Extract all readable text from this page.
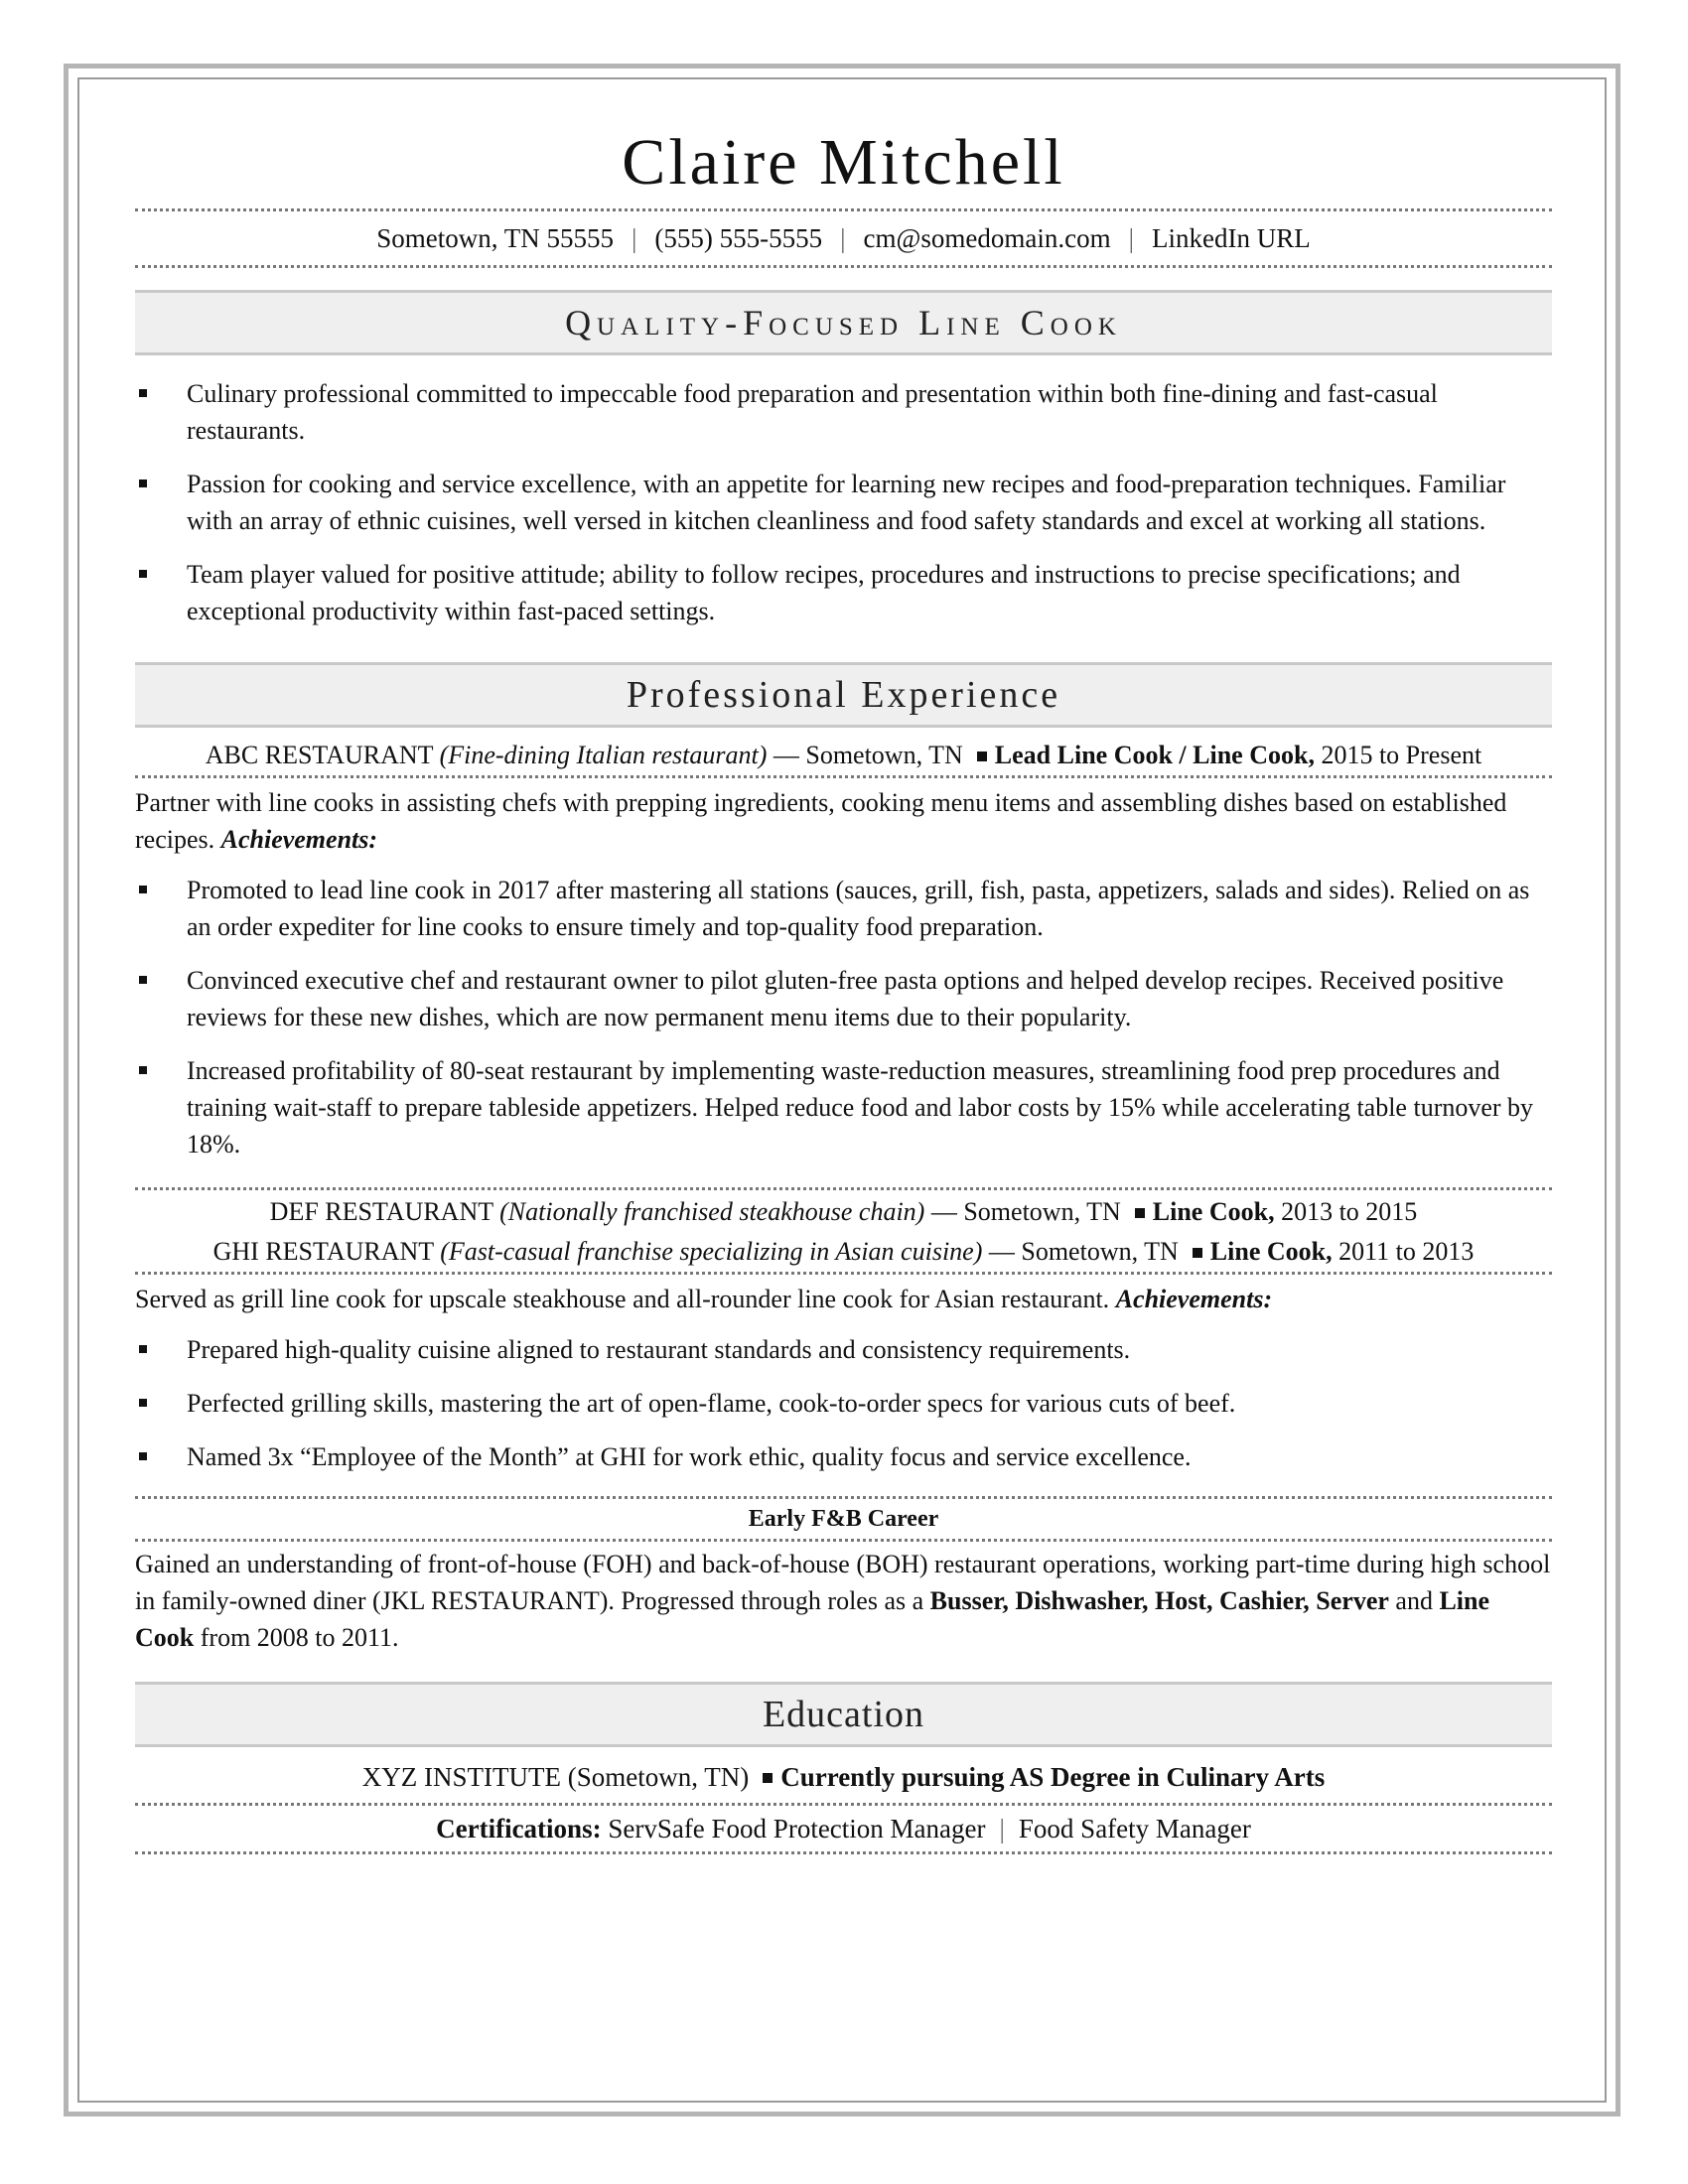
Claire Mitchell
Sometown, TN 55555 | (555) 555-5555 | cm@somedomain.com | LinkedIn URL
Quality-Focused Line Cook
Culinary professional committed to impeccable food preparation and presentation within both fine-dining and fast-casual restaurants.
Passion for cooking and service excellence, with an appetite for learning new recipes and food-preparation techniques. Familiar with an array of ethnic cuisines, well versed in kitchen cleanliness and food safety standards and excel at working all stations.
Team player valued for positive attitude; ability to follow recipes, procedures and instructions to precise specifications; and exceptional productivity within fast-paced settings.
Professional Experience
ABC RESTAURANT (Fine-dining Italian restaurant) — Sometown, TN Lead Line Cook / Line Cook, 2015 to Present
Partner with line cooks in assisting chefs with prepping ingredients, cooking menu items and assembling dishes based on established recipes. Achievements:
Promoted to lead line cook in 2017 after mastering all stations (sauces, grill, fish, pasta, appetizers, salads and sides). Relied on as an order expediter for line cooks to ensure timely and top-quality food preparation.
Convinced executive chef and restaurant owner to pilot gluten-free pasta options and helped develop recipes. Received positive reviews for these new dishes, which are now permanent menu items due to their popularity.
Increased profitability of 80-seat restaurant by implementing waste-reduction measures, streamlining food prep procedures and training wait-staff to prepare tableside appetizers. Helped reduce food and labor costs by 15% while accelerating table turnover by 18%.
DEF RESTAURANT (Nationally franchised steakhouse chain) — Sometown, TN Line Cook, 2013 to 2015
GHI RESTAURANT (Fast-casual franchise specializing in Asian cuisine) — Sometown, TN Line Cook, 2011 to 2013
Served as grill line cook for upscale steakhouse and all-rounder line cook for Asian restaurant. Achievements:
Prepared high-quality cuisine aligned to restaurant standards and consistency requirements.
Perfected grilling skills, mastering the art of open-flame, cook-to-order specs for various cuts of beef.
Named 3x “Employee of the Month” at GHI for work ethic, quality focus and service excellence.
Early F&B Career
Gained an understanding of front-of-house (FOH) and back-of-house (BOH) restaurant operations, working part-time during high school in family-owned diner (JKL RESTAURANT). Progressed through roles as a Busser, Dishwasher, Host, Cashier, Server and Line Cook from 2008 to 2011.
Education
XYZ INSTITUTE (Sometown, TN) Currently pursuing AS Degree in Culinary Arts
Certifications: ServSafe Food Protection Manager | Food Safety Manager
